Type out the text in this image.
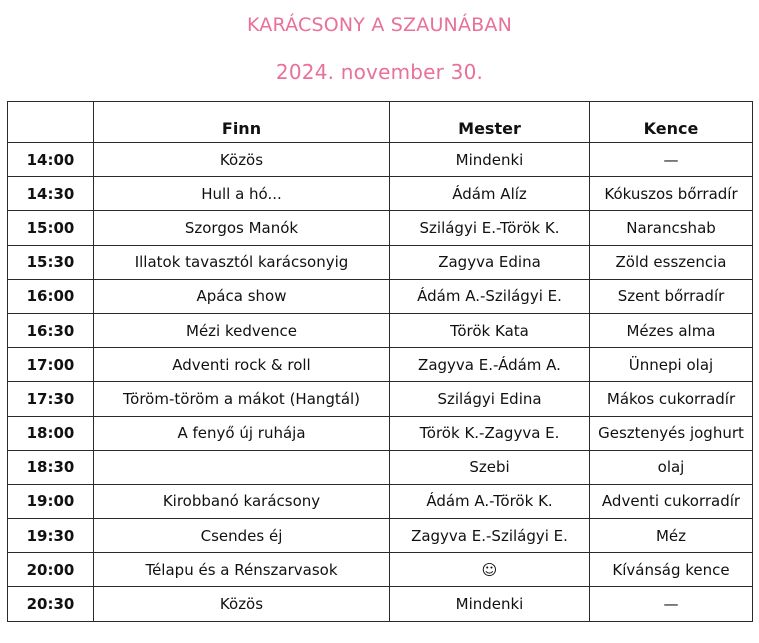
KARÁCSONY A SZAUNÁBAN
2024. november 30.
	Finn	Mester	Kence
14:00	Közös	Mindenki	—
14:30	Hull a hó...	Ádám Alíz	Kókuszos bőrradír
15:00	Szorgos Manók	Szilágyi E.-Török K.	Narancshab
15:30	Illatok tavasztól karácsonyig	Zagyva Edina	Zöld esszencia
16:00	Apáca show	Ádám A.-Szilágyi E.	Szent bőrradír
16:30	Mézi kedvence	Török Kata	Mézes alma
17:00	Adventi rock & roll	Zagyva E.-Ádám A.	Ünnepi olaj
17:30	Töröm-töröm a mákot (Hangtál)	Szilágyi Edina	Mákos cukorradír
18:00	A fenyő új ruhája	Török K.-Zagyva E.	Gesztenyés joghurt
18:30		Szebi	olaj
19:00	Kirobbanó karácsony	Ádám A.-Török K.	Adventi cukorradír
19:30	Csendes éj	Zagyva E.-Szilágyi E.	Méz
20:00	Télapu és a Rénszarvasok	☺	Kívánság kence
20:30	Közös	Mindenki	—
